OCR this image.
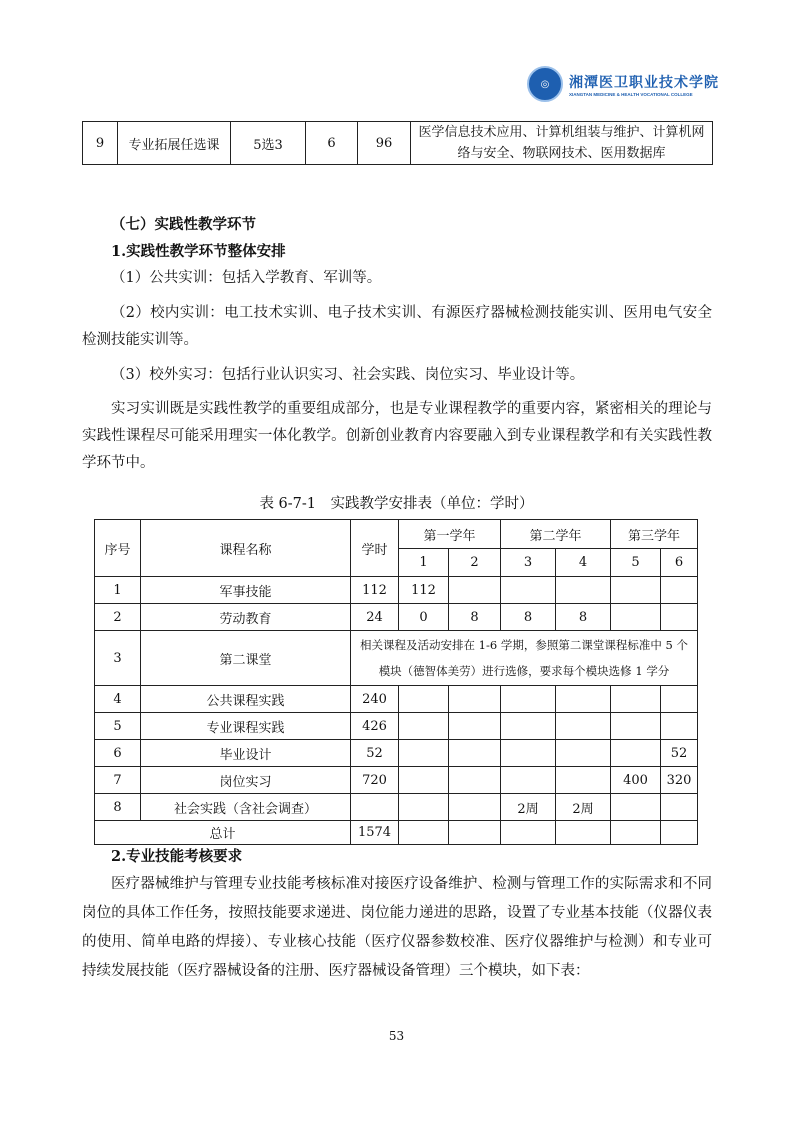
◎	湘潭医卫职业技术学院
XIANGTAN MEDICINE & HEALTH VOCATIONAL COLLEGE
9	专业拓展任选课	5选3	6	96	医学信息技术应用、计算机组装与维护、计算机网络与安全、物联网技术、医用数据库
（七）实践性教学环节
1.实践性教学环节整体安排
（1）公共实训：包括入学教育、军训等。
（2）校内实训：电工技术实训、电子技术实训、有源医疗器械检测技能实训、医用电气安全检测技能实训等。
（3）校外实习：包括行业认识实习、社会实践、岗位实习、毕业设计等。
实习实训既是实践性教学的重要组成部分，也是专业课程教学的重要内容，紧密相关的理论与实践性课程尽可能采用理实一体化教学。创新创业教育内容要融入到专业课程教学和有关实践性教学环节中。
表 6-7-1　实践教学安排表（单位：学时）
序号	课程名称	学时	第一学年		第二学年		第三学年	
			1	2	3	4	5	6
1	军事技能	112	112					
2	劳动教育	24	0	8	8	8		
3	第二课堂	相关课程及活动安排在 1-6 学期，参照第二课堂课程标准中 5 个模块（德智体美劳）进行选修，要求每个模块选修 1 学分						
4	公共课程实践	240						
5	专业课程实践	426						
6	毕业设计	52						52
7	岗位实习	720					400	320
8	社会实践（含社会调查）				2周	2周		
总计		1574						
2.专业技能考核要求
医疗器械维护与管理专业技能考核标准对接医疗设备维护、检测与管理工作的实际需求和不同岗位的具体工作任务，按照技能要求递进、岗位能力递进的思路，设置了专业基本技能（仪器仪表的使用、简单电路的焊接）、专业核心技能（医疗仪器参数校准、医疗仪器维护与检测）和专业可持续发展技能（医疗器械设备的注册、医疗器械设备管理）三个模块，如下表：
53
